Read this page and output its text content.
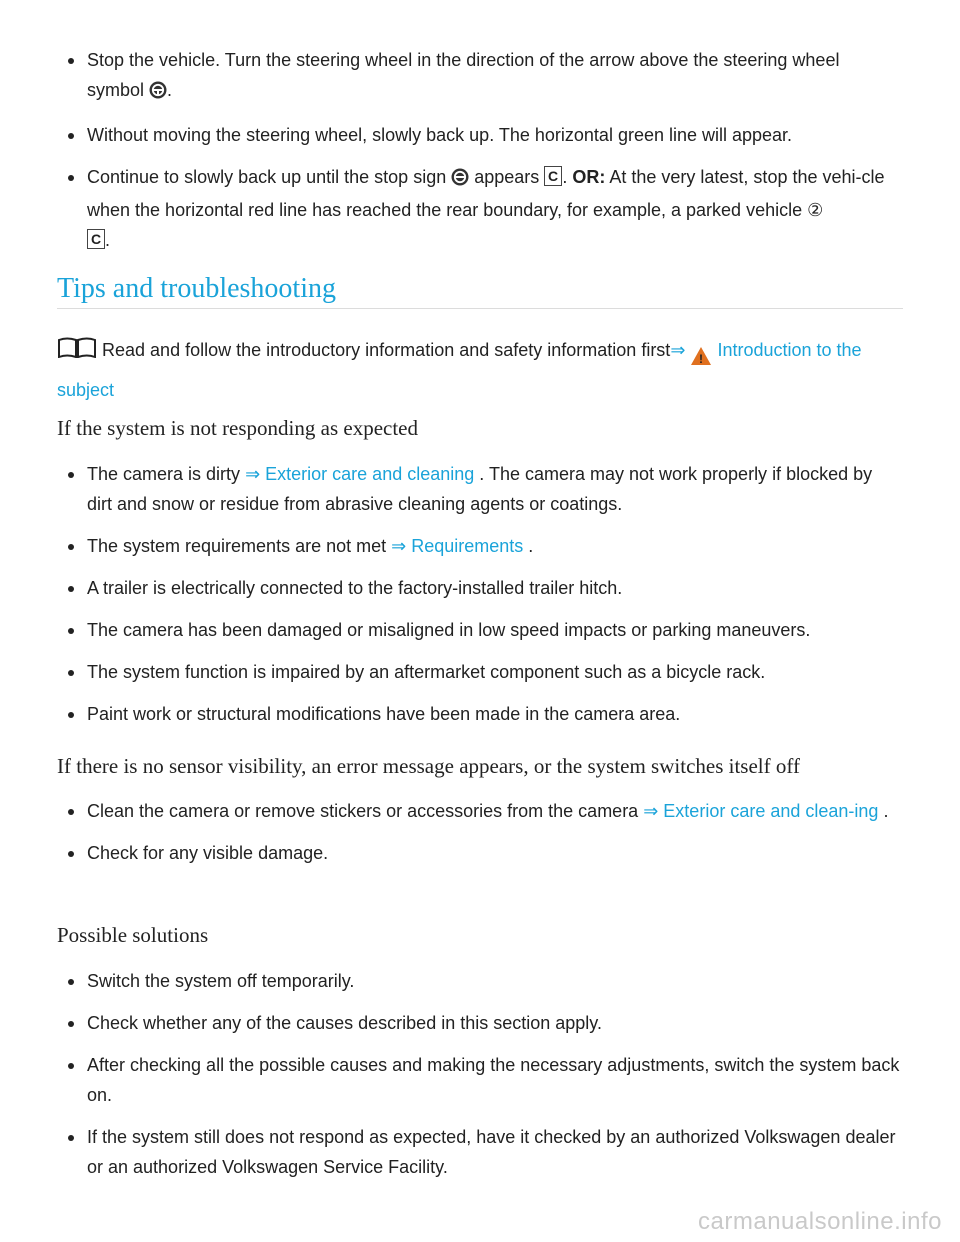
Stop the vehicle. Turn the steering wheel in the direction of the arrow above the steering wheel symbol .
Without moving the steering wheel, slowly back up. The horizontal green line will appear.
Continue to slowly back up until the stop sign appears C . OR: At the very latest, stop the vehi-cle when the horizontal red line has reached the rear boundary, for example, a parked vehicle ②

C .
Tips and troubleshooting
Read and follow the introductory information and safety information first⇒ ! Introduction to the subject
If the system is not responding as expected
The camera is dirty ⇒ Exterior care and cleaning . The camera may not work properly if blocked by dirt and snow or residue from abrasive cleaning agents or coatings.
The system requirements are not met ⇒ Requirements .
A trailer is electrically connected to the factory-installed trailer hitch.
The camera has been damaged or misaligned in low speed impacts or parking maneuvers.
The system function is impaired by an aftermarket component such as a bicycle rack.
Paint work or structural modifications have been made in the camera area.
If there is no sensor visibility, an error message appears, or the system switches itself off
Clean the camera or remove stickers or accessories from the camera ⇒ Exterior care and clean-ing .
Check for any visible damage.
Possible solutions
Switch the system off temporarily.
Check whether any of the causes described in this section apply.
After checking all the possible causes and making the necessary adjustments, switch the system back on.
If the system still does not respond as expected, have it checked by an authorized Volkswagen dealer or an authorized Volkswagen Service Facility.
carmanualsonline.info
